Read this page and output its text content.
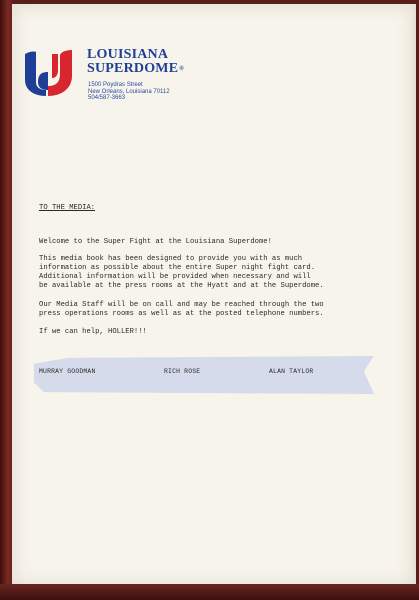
LOUISIANA
SUPERDOME®
1500 Poydras Street
New Orleans, Louisiana 70112
504/587-3663
TO THE MEDIA:
Welcome to the Super Fight at the Louisiana Superdome!
This media book has been designed to provide you with as much
information as possible about the entire Super night fight card.
Additional information will be provided when necessary and will
be available at the press rooms at the Hyatt and at the Superdome.
Our Media Staff will be on call and may be reached through the two
press operations rooms as well as at the posted telephone numbers.
If we can help, HOLLER!!!
MURRAY GOODMAN	RICH ROSE	ALAN TAYLOR
